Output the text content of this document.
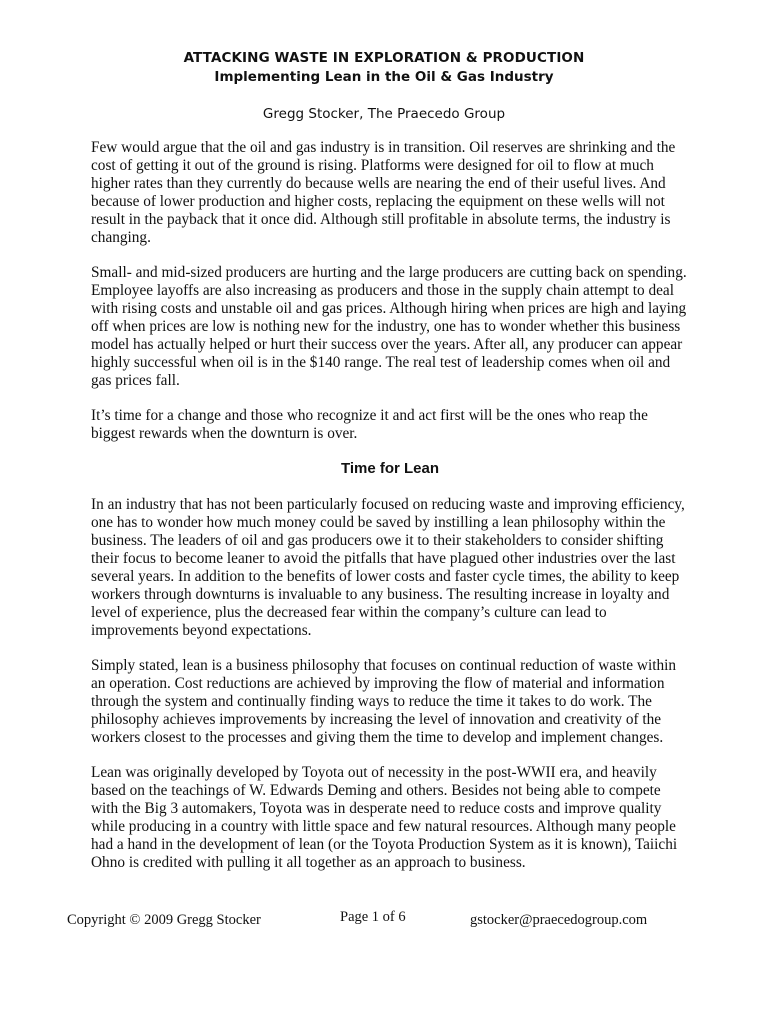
ATTACKING WASTE IN EXPLORATION & PRODUCTION
Implementing Lean in the Oil & Gas Industry
Gregg Stocker, The Praecedo Group

Few would argue that the oil and gas industry is in transition. Oil reserves are shrinking and the cost of getting it out of the ground is rising. Platforms were designed for oil to flow at much higher rates than they currently do because wells are nearing the end of their useful lives. And because of lower production and higher costs, replacing the equipment on these wells will not result in the payback that it once did. Although still profitable in absolute terms, the industry is changing.

Small- and mid-sized producers are hurting and the large producers are cutting back on spending. Employee layoffs are also increasing as producers and those in the supply chain attempt to deal with rising costs and unstable oil and gas prices. Although hiring when prices are high and laying off when prices are low is nothing new for the industry, one has to wonder whether this business model has actually helped or hurt their success over the years. After all, any producer can appear highly successful when oil is in the $140 range. The real test of leadership comes when oil and gas prices fall.

It’s time for a change and those who recognize it and act first will be the ones who reap the biggest rewards when the downturn is over.

Time for Lean

In an industry that has not been particularly focused on reducing waste and improving efficiency, one has to wonder how much money could be saved by instilling a lean philosophy within the business. The leaders of oil and gas producers owe it to their stakeholders to consider shifting their focus to become leaner to avoid the pitfalls that have plagued other industries over the last several years. In addition to the benefits of lower costs and faster cycle times, the ability to keep workers through downturns is invaluable to any business. The resulting increase in loyalty and level of experience, plus the decreased fear within the company’s culture can lead to improvements beyond expectations.

Simply stated, lean is a business philosophy that focuses on continual reduction of waste within an operation. Cost reductions are achieved by improving the flow of material and information through the system and continually finding ways to reduce the time it takes to do work. The philosophy achieves improvements by increasing the level of innovation and creativity of the workers closest to the processes and giving them the time to develop and implement changes.

Lean was originally developed by Toyota out of necessity in the post-WWII era, and heavily based on the teachings of W. Edwards Deming and others. Besides not being able to compete with the Big 3 automakers, Toyota was in desperate need to reduce costs and improve quality while producing in a country with little space and few natural resources. Although many people had a hand in the development of lean (or the Toyota Production System as it is known), Taiichi Ohno is credited with pulling it all together as an approach to business.

Copyright © 2009 Gregg Stocker	Page 1 of 6	gstocker@praecedogroup.com
